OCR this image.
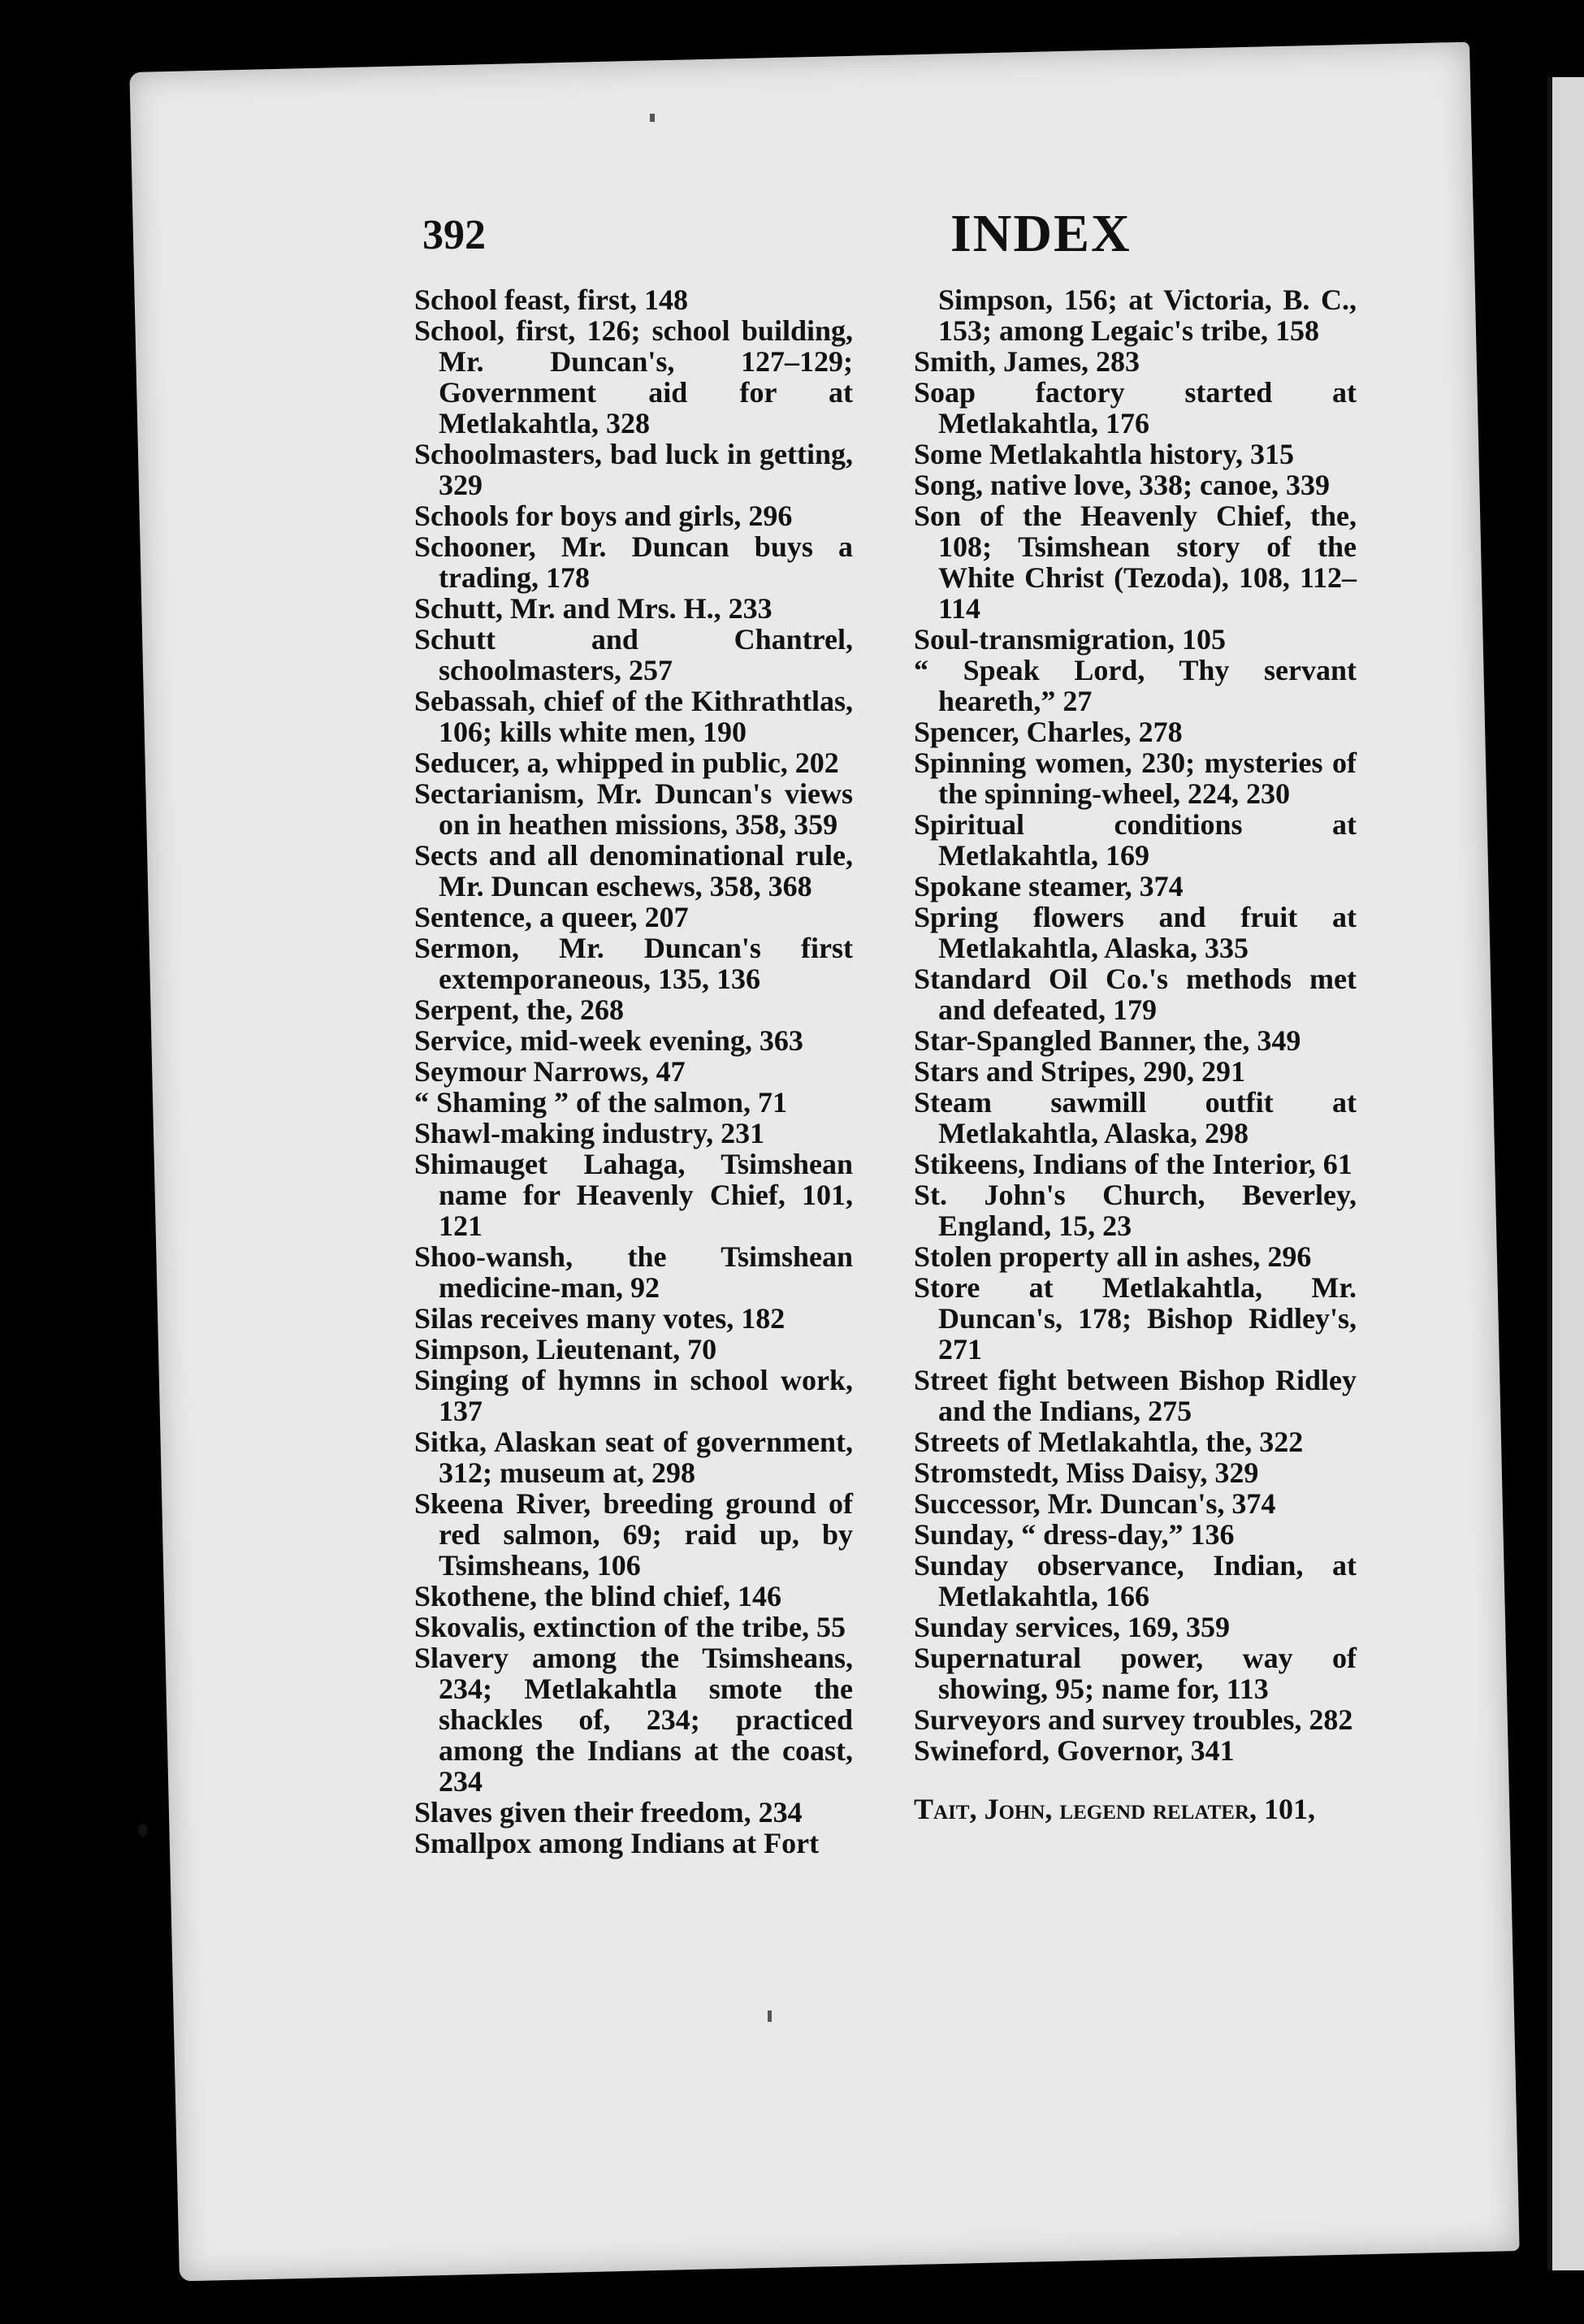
392	INDEX

School feast, first, 148

School, first, 126; school building, Mr. Duncan's, 127–129; Government aid for at Metlakahtla, 328

Schoolmasters, bad luck in getting, 329

Schools for boys and girls, 296

Schooner, Mr. Duncan buys a trading, 178

Schutt, Mr. and Mrs. H., 233

Schutt and Chantrel, schoolmasters, 257

Sebassah, chief of the Kithrathtlas, 106; kills white men, 190

Seducer, a, whipped in public, 202

Sectarianism, Mr. Duncan's views on in heathen missions, 358, 359

Sects and all denominational rule, Mr. Duncan eschews, 358, 368

Sentence, a queer, 207

Sermon, Mr. Duncan's first extemporaneous, 135, 136

Serpent, the, 268

Service, mid-week evening, 363

Seymour Narrows, 47

“ Shaming ” of the salmon, 71

Shawl-making industry, 231

Shimauget Lahaga, Tsimshean name for Heavenly Chief, 101, 121

Shoo-wansh, the Tsimshean medicine-man, 92

Silas receives many votes, 182

Simpson, Lieutenant, 70

Singing of hymns in school work, 137

Sitka, Alaskan seat of government, 312; museum at, 298

Skeena River, breeding ground of red salmon, 69; raid up, by Tsimsheans, 106

Skothene, the blind chief, 146

Skovalis, extinction of the tribe, 55

Slavery among the Tsimsheans, 234; Metlakahtla smote the shackles of, 234; practiced among the Indians at the coast, 234

Slaves given their freedom, 234

Smallpox among Indians at Fort

Simpson, 156; at Victoria, B. C., 153; among Legaic's tribe, 158

Smith, James, 283

Soap factory started at Metlakahtla, 176

Some Metlakahtla history, 315

Song, native love, 338; canoe, 339

Son of the Heavenly Chief, the, 108; Tsimshean story of the White Christ (Tezoda), 108, 112–114

Soul-transmigration, 105

“ Speak Lord, Thy servant heareth,” 27

Spencer, Charles, 278

Spinning women, 230; mysteries of the spinning-wheel, 224, 230

Spiritual conditions at Metlakahtla, 169

Spokane steamer, 374

Spring flowers and fruit at Metlakahtla, Alaska, 335

Standard Oil Co.'s methods met and defeated, 179

Star-Spangled Banner, the, 349

Stars and Stripes, 290, 291

Steam sawmill outfit at Metlakahtla, Alaska, 298

Stikeens, Indians of the Interior, 61

St. John's Church, Beverley, England, 15, 23

Stolen property all in ashes, 296

Store at Metlakahtla, Mr. Duncan's, 178; Bishop Ridley's, 271

Street fight between Bishop Ridley and the Indians, 275

Streets of Metlakahtla, the, 322

Stromstedt, Miss Daisy, 329

Successor, Mr. Duncan's, 374

Sunday, “ dress-day,” 136

Sunday observance, Indian, at Metlakahtla, 166

Sunday services, 169, 359

Supernatural power, way of showing, 95; name for, 113

Surveyors and survey troubles, 282

Swineford, Governor, 341

Tait, John, legend relater, 101,
